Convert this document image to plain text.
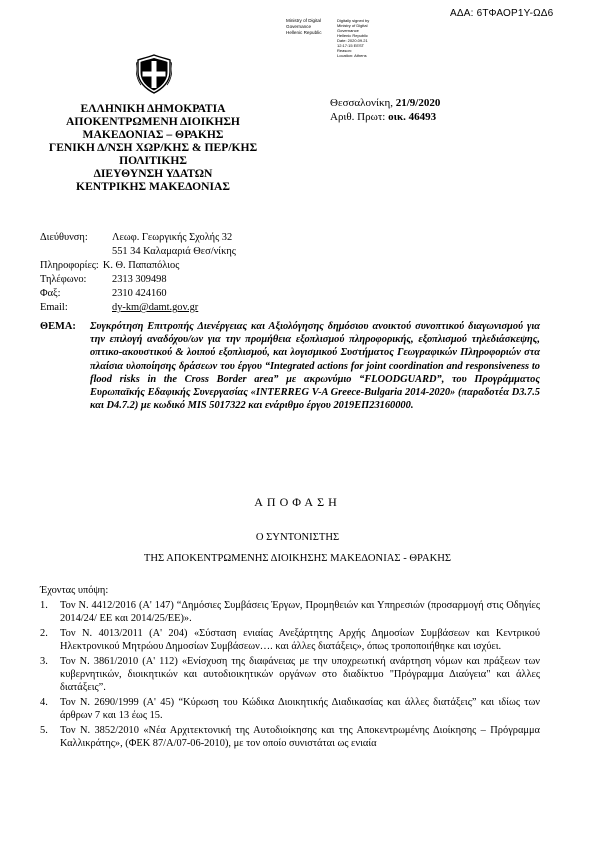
ΑΔΑ: 6ΤΦΑΟΡ1Υ-ΩΔ6
Ministry of Digital
Governance
Hellenic Republic
Digitally signed by
Ministry of Digital
Governance
Hellenic Republic
Date: 2020.09.21
12:17:15 EEST
Reason:
Location: Athens
ΕΛΛΗΝΙΚΗ ΔΗΜΟΚΡΑΤΙΑ
ΑΠΟΚΕΝΤΡΩΜΕΝΗ ΔΙΟΙΚΗΣΗ
ΜΑΚΕΔΟΝΙΑΣ – ΘΡΑΚΗΣ
ΓΕΝΙΚΗ Δ/ΝΣΗ ΧΩΡ/ΚΗΣ & ΠΕΡ/ΚΗΣ
ΠΟΛΙΤΙΚΗΣ
ΔΙΕΥΘΥΝΣΗ ΥΔΑΤΩΝ
ΚΕΝΤΡΙΚΗΣ ΜΑΚΕΔΟΝΙΑΣ
Θεσσαλονίκη, 21/9/2020
Αριθ. Πρωτ: οικ. 46493
Διεύθυνση:	Λεωφ. Γεωργικής Σχολής 32
551 34 Καλαμαριά Θεσ/νίκης
Πληροφορίες: Κ. Θ. Παπαπόλιος
Τηλέφωνο:	2313 309498
Φαξ:	2310 424160
Email:	dy-km@damt.gov.gr
ΘΕΜΑ: Συγκρότηση Επιτροπής Διενέργειας και Αξιολόγησης δημόσιου ανοικτού συνοπτικού διαγωνισμού για την επιλογή αναδόχου/ων για την προμήθεια εξοπλισμού πληροφορικής, εξοπλισμού τηλεδιάσκεψης, οπτικο-ακουστικού & λοιπού εξοπλισμού, και λογισμικού Συστήματος Γεωγραφικών Πληροφοριών στα πλαίσια υλοποίησης δράσεων του έργου “Integrated actions for joint coordination and responsiveness to flood risks in the Cross Border area” με ακρωνύμιο “FLOODGUARD”, του Προγράμματος Ευρωπαϊκής Εδαφικής Συνεργασίας «INTERREG V-A Greece-Bulgaria 2014-2020» (παραδοτέα D3.7.5 και D4.7.2) με κωδικό MIS 5017322 και ενάριθμο έργου 2019ΕΠ23160000.
ΑΠΟΦΑΣΗ
Ο ΣΥΝΤΟΝΙΣΤΗΣ
ΤΗΣ ΑΠΟΚΕΝΤΡΩΜΕΝΗΣ ΔΙΟΙΚΗΣΗΣ ΜΑΚΕΔΟΝΙΑΣ - ΘΡΑΚΗΣ
Έχοντας υπόψη:
1.	Τον Ν. 4412/2016 (Α' 147) “Δημόσιες Συμβάσεις Έργων, Προμηθειών και Υπηρεσιών (προσαρμογή στις Οδηγίες 2014/24/ ΕΕ και 2014/25/ΕΕ)».
2.	Τον Ν. 4013/2011 (Α' 204) «Σύσταση ενιαίας Ανεξάρτητης Αρχής Δημοσίων Συμβάσεων και Κεντρικού Ηλεκτρονικού Μητρώου Δημοσίων Συμβάσεων…. και άλλες διατάξεις», όπως τροποποιήθηκε και ισχύει.
3.	Τον Ν. 3861/2010 (Α' 112) «Ενίσχυση της διαφάνειας με την υποχρεωτική ανάρτηση νόμων και πράξεων των κυβερνητικών, διοικητικών και αυτοδιοικητικών οργάνων στο διαδίκτυο "Πρόγραμμα Διαύγεια" και άλλες διατάξεις”.
4.	Τον Ν. 2690/1999 (Α' 45) “Κύρωση του Κώδικα Διοικητικής Διαδικασίας και άλλες διατάξεις” και ιδίως των άρθρων 7 και 13 έως 15.
5.	Τον Ν. 3852/2010 «Νέα Αρχιτεκτονική της Αυτοδιοίκησης και της Αποκεντρωμένης Διοίκησης – Πρόγραμμα Καλλικράτης», (ΦΕΚ 87/Α/07-06-2010), με τον οποίο συνιστάται ως ενιαία
